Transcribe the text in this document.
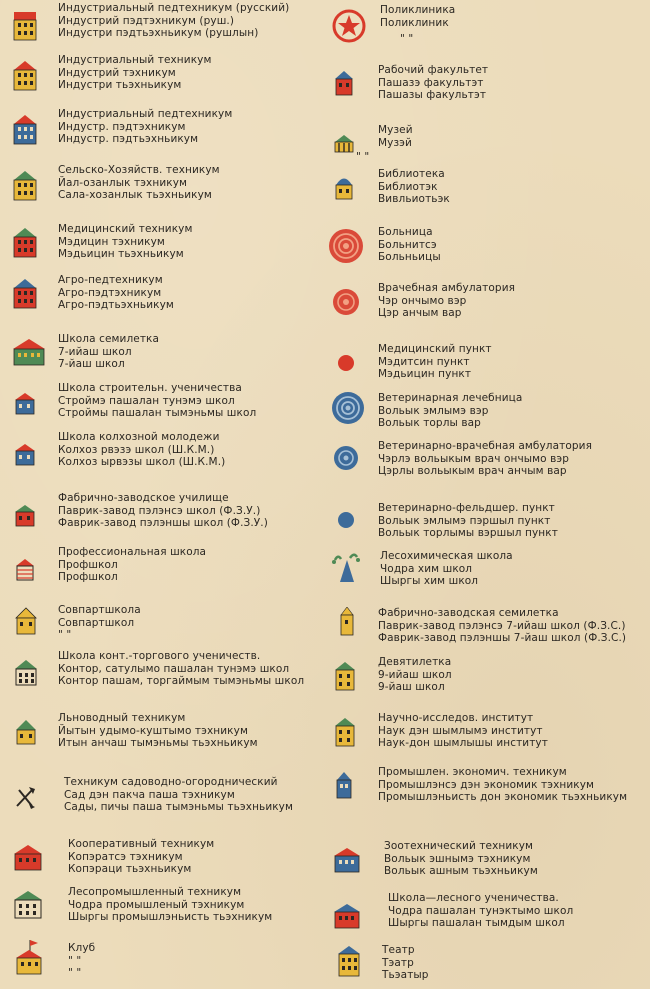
Индустриальный педтехникум (русский)
Индустрий пэдтэхникум (руш.)
Индустри пэдтьэхньикум (рушлын)
Индустриальный техникум
Индустрий тэхникум
Индустри тьэхньикум
Индустриальный педтехникум
Индустр. пэдтэхникум
Индустр. пэдтьэхньикум
Сельско-Хозяйств. техникум
Йал-озанлык тэхникум
Сала-хозанлык тьэхньикум
Медицинский техникум
Мэдицин тэхникум
Мэдьицин тьэхньикум
Агро-педтехникум
Агро-пэдтэхникум
Агро-пэдтьэхньикум
Школа семилетка
7-ийаш школ
7-йаш школ
Школа строительн. ученичества
Строймэ пашалан тунэмэ школ
Строймы пашалан тымэньмы школ
Школа колхозной молодежи
Колхоз рвэзэ школ (Ш.К.М.)
Колхоз ырвэзы школ (Ш.К.М.)
Фабрично-заводское училище
Паврик-завод пэлэнсэ школ (Ф.З.У.)
Фаврик-завод пэлэншы школ (Ф.З.У.)
Профессиональная школа
Профшкол
Профшкол
Совпартшкола
Совпартшкол
" "
Школа конт.-торгового ученичеств.
Контор, сатулымо пашалан тунэмэ школ
Контор пашам, торгаймым тымэньмы школ
Льноводный техникум
Йытын удымо-куштымо тэхникум
Итын анчаш тымэньмы тьэхньикум
Техникум садоводно-огороднический
Сад дэн пакча паша тэхникум
Сады, пичы паша тымэньмы тьэхньикум
Кооперативный техникум
Копэратсэ тэхникум
Копэраци тьэхньикум
Лесопромышленный техникум
Чодра промышленый тэхникум
Шыргы промышлэньисть тьэхникум
Клуб
" "
" "
Поликлиника
Поликлиник
" "
Рабочий факультет
Пашазэ факультэт
Пашазы факультэт
Музей
Музэй
" "
Библиотека
Библиотэк
Вивльиотьэк
Больница
Больнитсэ
Больньицы
Врачебная амбулатория
Чэр ончымо вэр
Цэр анчым вар
Медицинский пункт
Мэдитсин пункт
Мэдьицин пункт
Ветеринарная лечебница
Вольык эмлымэ вэр
Вольык торлы вар
Ветеринарно-врачебная амбулатория
Чэрлэ вольыкым врач ончымо вэр
Цэрлы вольыкым врач анчым вар
Ветеринарно-фельдшер. пункт
Вольык эмлымэ пэршыл пункт
Вольык торлымы вэршыл пункт
Лесохимическая школа
Чодра хим школ
Шыргы хим школ
Фабрично-заводская семилетка
Паврик-завод пэлэнсэ 7-ийаш школ (Ф.З.С.)
Фаврик-завод пэлэншы 7-йаш школ (Ф.З.С.)
Девятилетка
9-ийаш школ
9-йаш школ
Научно-исследов. институт
Наук дэн шымлымэ институт
Наук-дон шымлышы институт
Промышлен. экономич. техникум
Промышлэнсэ дэн экономик тэхникум
Промышлэньисть дон экономик тьэхньикум
Зоотехнический техникум
Вольык эшнымэ тэхникум
Вольык ашным тьэхньикум
Школа—лесного ученичества.
Чодра пашалан тунэктымо школ
Шыргы пашалан тымдым школ
Театр
Тэатр
Тьэатыр
